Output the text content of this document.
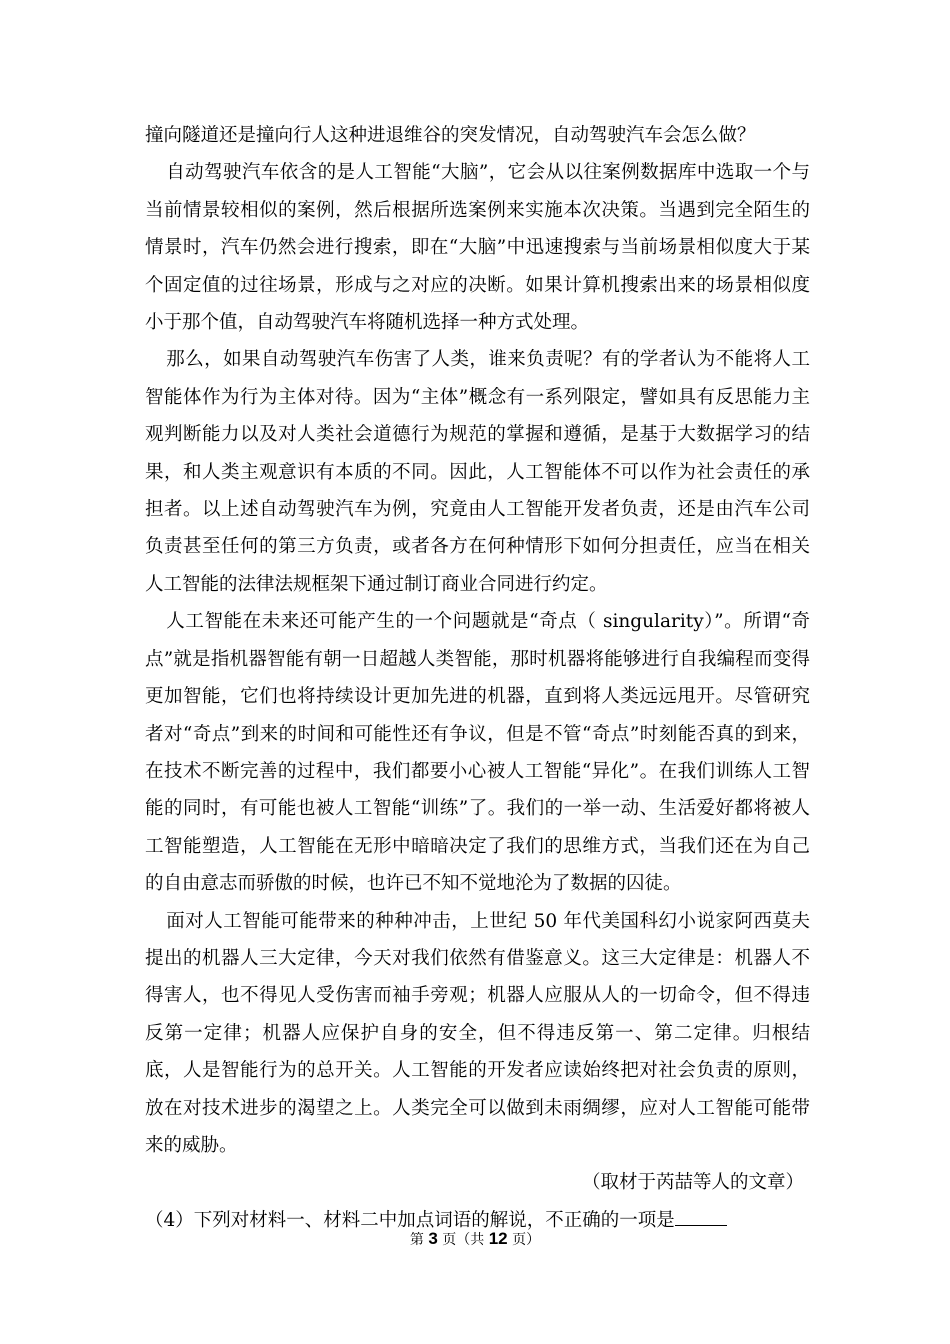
撞向隧道还是撞向行人这种进退维谷的突发情况，自动驾驶汽车会怎么做？

自动驾驶汽车依含的是人工智能“大脑”，它会从以往案例数据库中选取一个与当前情景较相似的案例，然后根据所选案例来实施本次决策。当遇到完全陌生的情景时，汽车仍然会进行搜索，即在“大脑”中迅速搜索与当前场景相似度大于某个固定值的过往场景，形成与之对应的决断。如果计算机搜索出来的场景相似度小于那个值，自动驾驶汽车将随机选择一种方式处理。

那么，如果自动驾驶汽车伤害了人类，谁来负责呢？有的学者认为不能将人工智能体作为行为主体对待。因为“主体”概念有一系列限定，譬如具有反思能力主观判断能力以及对人类社会道德行为规范的掌握和遵循，是基于大数据学习的结果，和人类主观意识有本质的不同。因此，人工智能体不可以作为社会责任的承担者。以上述自动驾驶汽车为例，究竟由人工智能开发者负责，还是由汽车公司负责甚至任何的第三方负责，或者各方在何种情形下如何分担责任，应当在相关人工智能的法律法规框架下通过制订商业合同进行约定。

人工智能在未来还可能产生的一个问题就是“奇点（ singularity）”。所谓“奇点”就是指机器智能有朝一日超越人类智能，那时机器将能够进行自我编程而变得更加智能，它们也将持续设计更加先进的机器，直到将人类远远甩开。尽管研究者对“奇点”到来的时间和可能性还有争议，但是不管“奇点”时刻能否真的到来，在技术不断完善的过程中，我们都要小心被人工智能“异化”。在我们训练人工智能的同时，有可能也被人工智能“训练”了。我们的一举一动、生活爱好都将被人工智能塑造，人工智能在无形中暗暗决定了我们的思维方式，当我们还在为自己的自由意志而骄傲的时候，也许已不知不觉地沦为了数据的囚徒。

面对人工智能可能带来的种种冲击，上世纪 50 年代美国科幻小说家阿西莫夫提出的机器人三大定律，今天对我们依然有借鉴意义。这三大定律是：机器人不得害人，也不得见人受伤害而袖手旁观；机器人应服从人的一切命令，但不得违反第一定律；机器人应保护自身的安全，但不得违反第一、第二定律。归根结底，人是智能行为的总开关。人工智能的开发者应读始终把对社会负责的原则，放在对技术进步的渴望之上。人类完全可以做到未雨绸缪，应对人工智能可能带来的威胁。

（取材于芮喆等人的文章）

（4）下列对材料一、材料二中加点词语的解说，不正确的一项是

第 3 页（共 12 页）
